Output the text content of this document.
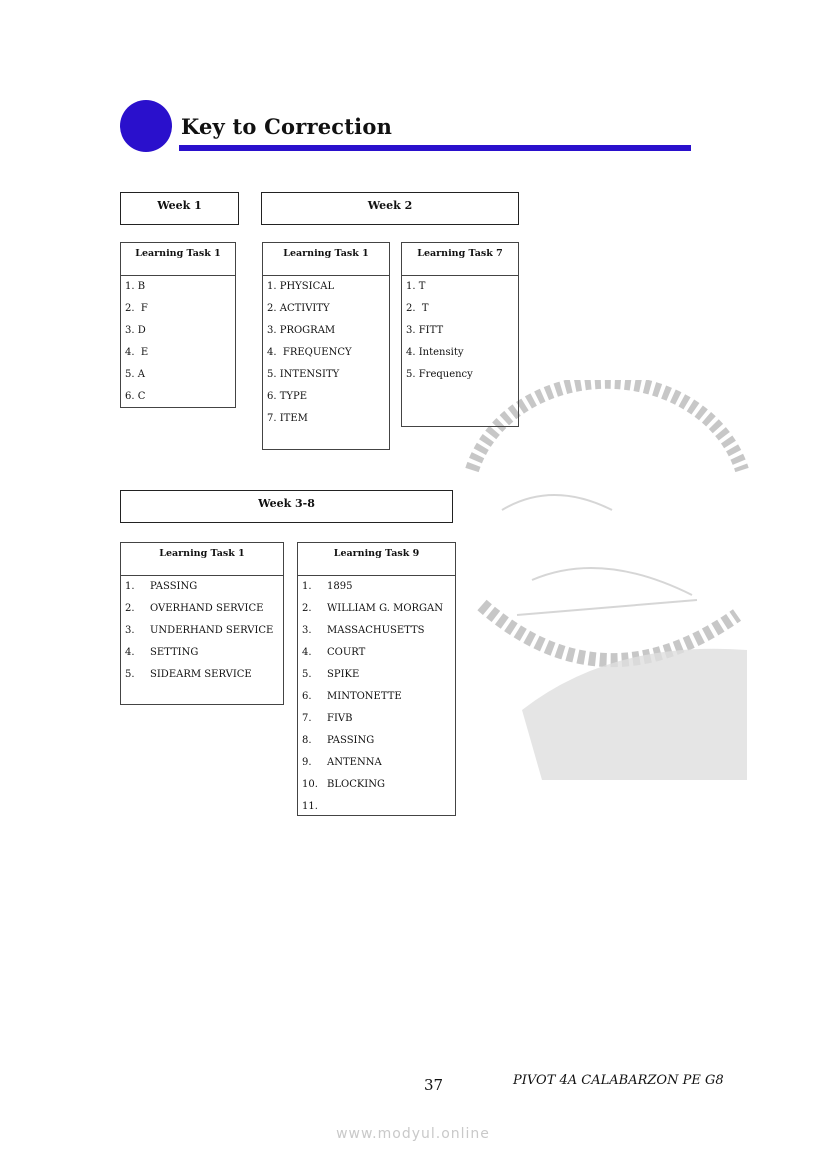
Key to Correction
Week 1
Learning Task 1
1. B
2.  F
3. D
4.  E
5. A
6. C
Week 2
Learning Task 1
1. PHYSICAL
2. ACTIVITY
3. PROGRAM
4.  FREQUENCY
5. INTENSITY
6. TYPE
7. ITEM
Learning Task 7
1. T
2.  T
3. FITT
4. Intensity
5. Frequency
Week 3-8
Learning Task 1
1. PASSING
2. OVERHAND SERVICE
3. UNDERHAND SERVICE
4. SETTING
5. SIDEARM SERVICE
Learning Task 9
1. 1895
2. WILLIAM G. MORGAN
3. MASSACHUSETTS
4. COURT
5. SPIKE
6. MINTONETTE
7. FIVB
8. PASSING
9. ANTENNA
10. BLOCKING
11.
37	PIVOT 4A CALABARZON PE G8
www.modyul.online
